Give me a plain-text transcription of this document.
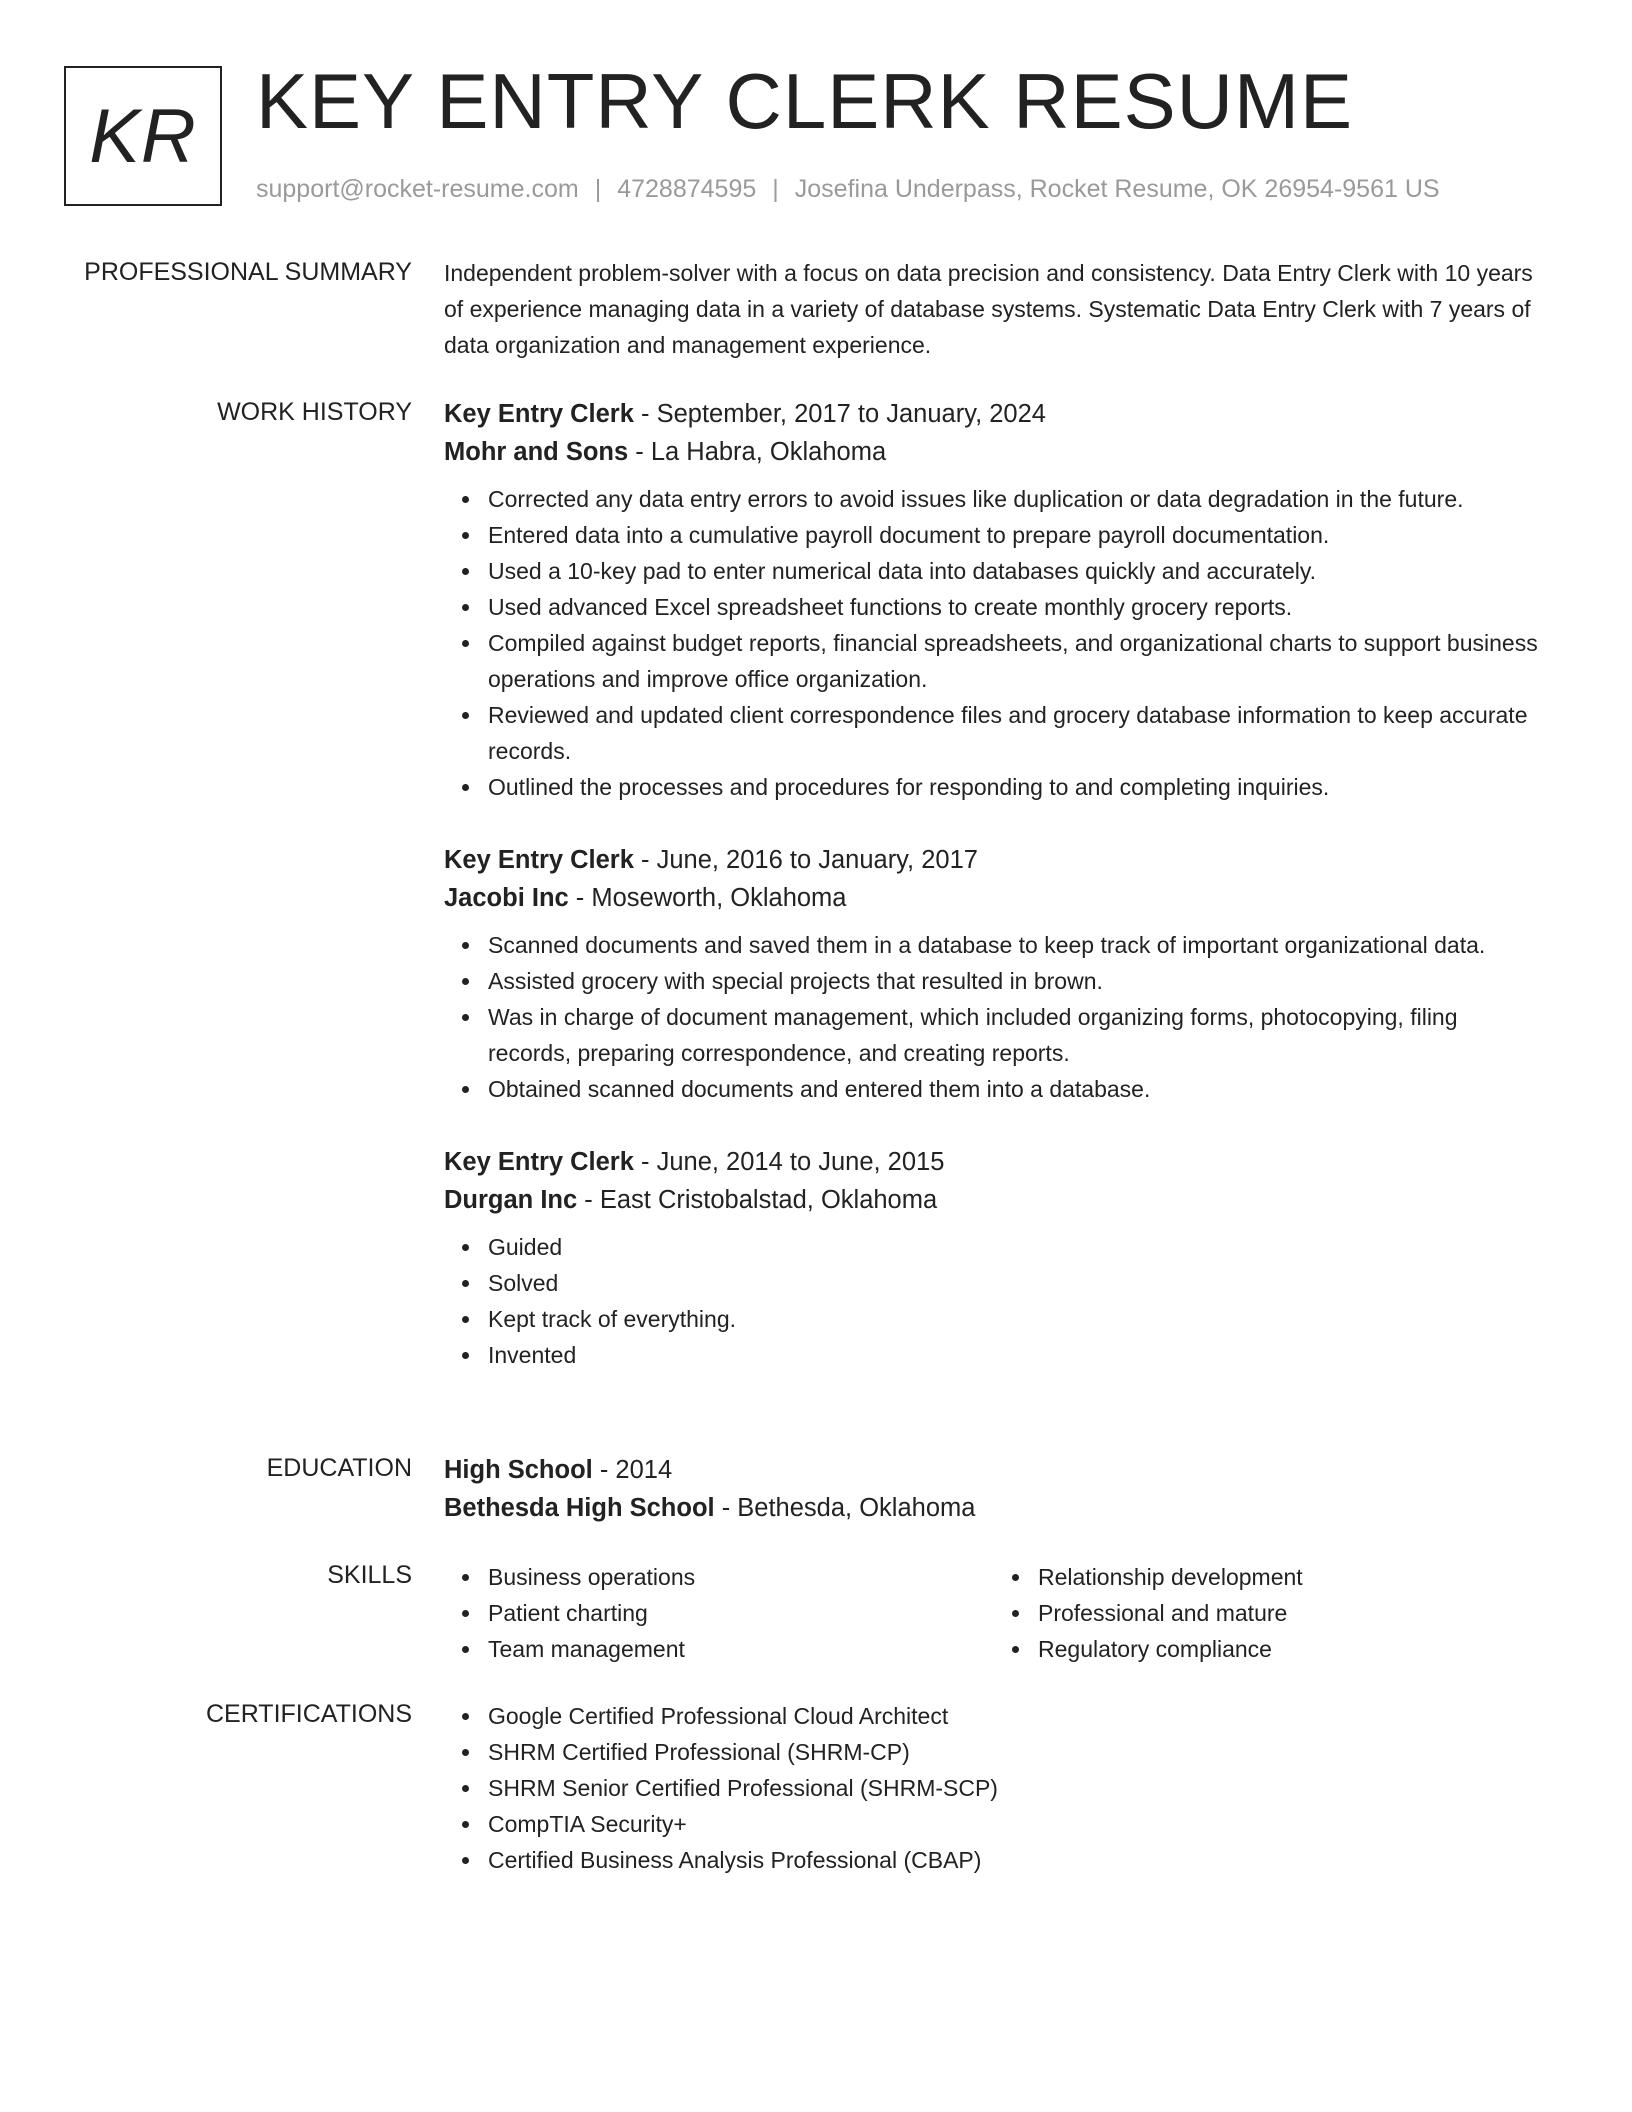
KR KEY ENTRY CLERK RESUME
support@rocket-resume.com | 4728874595 | Josefina Underpass, Rocket Resume, OK 26954-9561 US
PROFESSIONAL SUMMARY Independent problem-solver with a focus on data precision and consistency. Data Entry Clerk with 10 years of experience managing data in a variety of database systems. Systematic Data Entry Clerk with 7 years of data organization and management experience.

WORK HISTORY Key Entry Clerk - September, 2017 to January, 2024
Mohr and Sons - La Habra, Oklahoma
Corrected any data entry errors to avoid issues like duplication or data degradation in the future.
Entered data into a cumulative payroll document to prepare payroll documentation.
Used a 10-key pad to enter numerical data into databases quickly and accurately.
Used advanced Excel spreadsheet functions to create monthly grocery reports.
Compiled against budget reports, financial spreadsheets, and organizational charts to support business operations and improve office organization.
Reviewed and updated client correspondence files and grocery database information to keep accurate records.
Outlined the processes and procedures for responding to and completing inquiries.
Key Entry Clerk - June, 2016 to January, 2017
Jacobi Inc - Moseworth, Oklahoma
Scanned documents and saved them in a database to keep track of important organizational data.
Assisted grocery with special projects that resulted in brown.
Was in charge of document management, which included organizing forms, photocopying, filing records, preparing correspondence, and creating reports.
Obtained scanned documents and entered them into a database.
Key Entry Clerk - June, 2014 to June, 2015
Durgan Inc - East Cristobalstad, Oklahoma
Guided
Solved
Kept track of everything.
Invented
EDUCATION High School - 2014
Bethesda High School - Bethesda, Oklahoma
SKILLS	Business operations
Patient charting
Team management
Relationship development
Professional and mature
Regulatory compliance
CERTIFICATIONS	Google Certified Professional Cloud Architect
SHRM Certified Professional (SHRM-CP)
SHRM Senior Certified Professional (SHRM-SCP)
CompTIA Security+
Certified Business Analysis Professional (CBAP)
